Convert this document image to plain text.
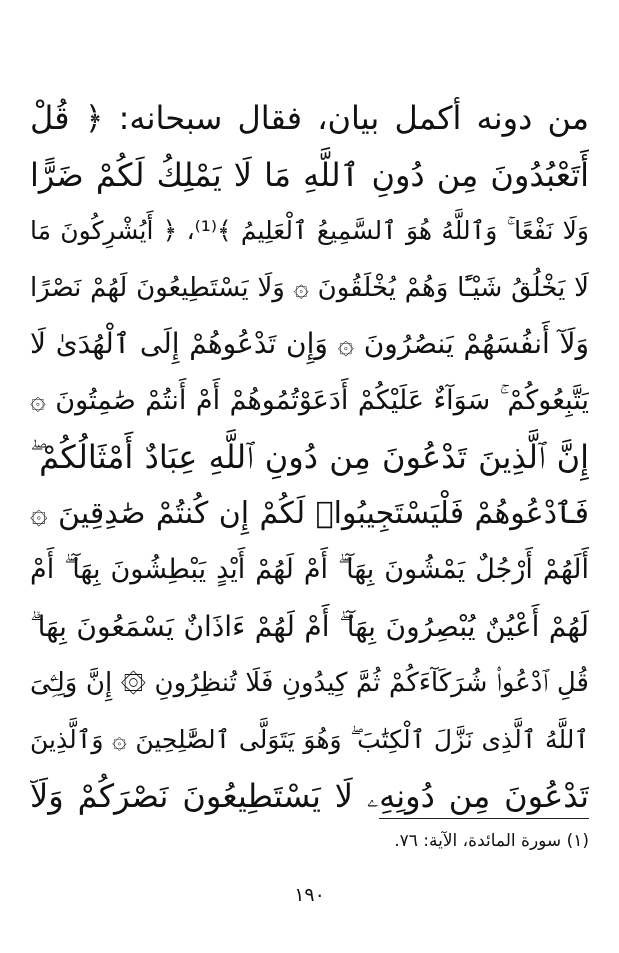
من دونه أكمل بيان، فقال سبحانه: ﴿ قُلْ
أَتَعْبُدُونَ مِن دُونِ ٱللَّهِ مَا لَا يَمْلِكُ لَكُمْ ضَرًّا
وَلَا نَفْعًا ۚ وَٱللَّهُ هُوَ ٱلسَّمِيعُ ٱلْعَلِيمُ ﴾⁽¹⁾، ﴿ أَيُشْرِكُونَ مَا
لَا يَخْلُقُ شَيْـًٔا وَهُمْ يُخْلَقُونَ ۞ وَلَا يَسْتَطِيعُونَ لَهُمْ نَصْرًا
وَلَآ أَنفُسَهُمْ يَنصُرُونَ ۞ وَإِن تَدْعُوهُمْ إِلَى ٱلْهُدَىٰ لَا
يَتَّبِعُوكُمْ ۚ سَوَآءٌ عَلَيْكُمْ أَدَعَوْتُمُوهُمْ أَمْ أَنتُمْ صَٰمِتُونَ ۞
إِنَّ ٱلَّذِينَ تَدْعُونَ مِن دُونِ ٱللَّهِ عِبَادٌ أَمْثَالُكُمْ ۖ
فَٱدْعُوهُمْ فَلْيَسْتَجِيبُوا۟ لَكُمْ إِن كُنتُمْ صَٰدِقِينَ ۞
أَلَهُمْ أَرْجُلٌ يَمْشُونَ بِهَآ ۖ أَمْ لَهُمْ أَيْدٍ يَبْطِشُونَ بِهَآ ۖ أَمْ
لَهُمْ أَعْيُنٌ يُبْصِرُونَ بِهَآ ۖ أَمْ لَهُمْ ءَاذَانٌ يَسْمَعُونَ بِهَا ۗ
قُلِ ٱدْعُوا۟ شُرَكَآءَكُمْ ثُمَّ كِيدُونِ فَلَا تُنظِرُونِ ۞ إِنَّ وَلِـِّۧىَ
ٱللَّهُ ٱلَّذِى نَزَّلَ ٱلْكِتَٰبَ ۖ وَهُوَ يَتَوَلَّى ٱلصَّٰلِحِينَ ۞ وَٱلَّذِينَ
تَدْعُونَ مِن دُونِهِۦ لَا يَسْتَطِيعُونَ نَصْرَكُمْ وَلَآ
(١) سورة المائدة، الآية: ٧٦.
١٩٠
